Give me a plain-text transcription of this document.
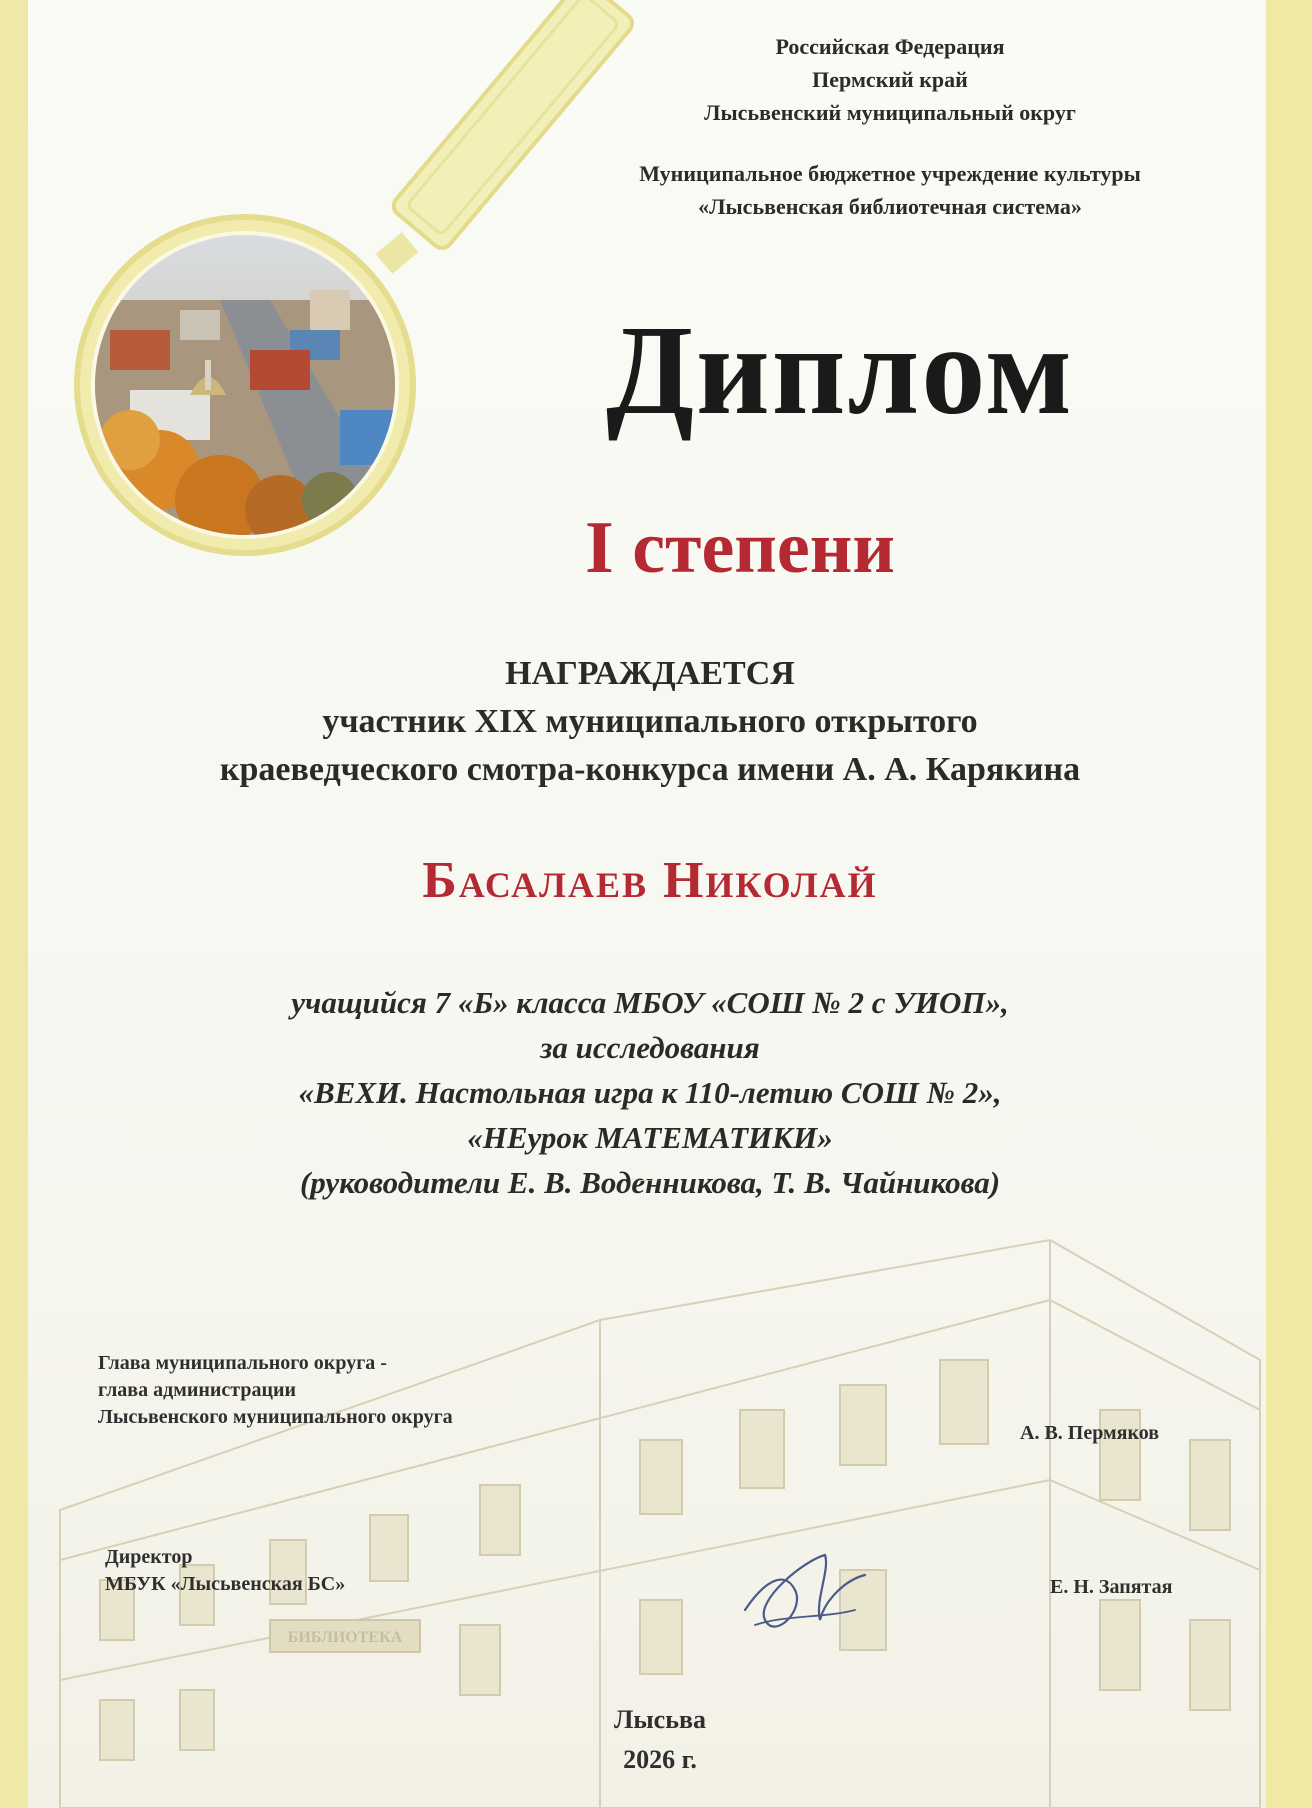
Российская Федерация
Пермский край
Лысьвенский муниципальный округ
Муниципальное бюджетное учреждение культуры
«Лысьвенская библиотечная система»
Диплом
I степени
НАГРАЖДАЕТСЯ
участник XIX муниципального открытого
краеведческого смотра-конкурса имени А. А. Карякина
Басалаев Николай
учащийся 7 «Б» класса МБОУ «СОШ № 2 с УИОП»,
за исследования
«ВЕХИ. Настольная игра к 110-летию СОШ № 2»,
«НЕурок МАТЕМАТИКИ»
(руководители Е. В. Воденникова, Т. В. Чайникова)
БИБЛИОТЕКА
Глава муниципального округа -
глава администрации
Лысьвенского муниципального округа
А. В. Пермяков
Директор
МБУК «Лысьвенская БС»	Е. Н. Запятая
Лысьва
2026 г.
